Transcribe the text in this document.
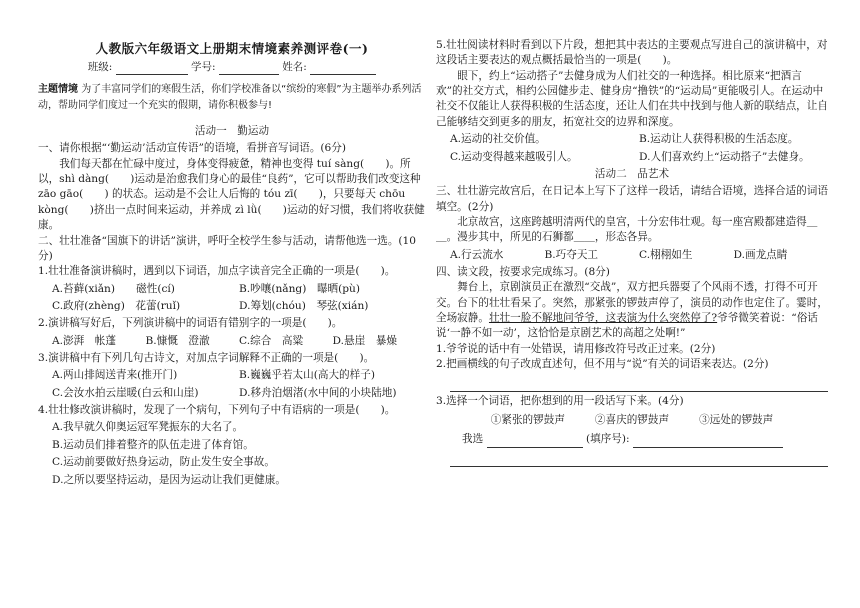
人教版六年级语文上册期末情境素养测评卷(一)
班级:	学号:	姓名:
主题情境 为了丰富同学们的寒假生活，你们学校准备以“缤纷的寒假”为主题举办系列活动，帮助同学们度过一个充实的假期，请你积极参与!
活动一　勤运动

一、请你根据“‘勤运动’活动宣传语”的语境，看拼音写词语。(6分)

我们每天都在忙碌中度过，身体变得疲惫，精神也变得 tuí sàng(　　)。所以，shì dàng(　　)运动是治愈我们身心的最佳“良药”，它可以帮助我们改变这种 zāo gāo(　　) 的状态。运动是不会让人后悔的 tóu zī(　　)，只要每天 chōu kòng(　　)挤出一点时间来运动，并养成 zì lǜ(　　)运动的好习惯，我们将收获健康。

二、壮壮准备“国旗下的讲话”演讲，呼吁全校学生参与活动，请帮他选一选。(10分)

1.壮壮准备演讲稿时，遇到以下词语，加点字读音完全正确的一项是(　　)。

A.苔藓(xiǎn)　　磁性(cí)	B.吵嚷(nǎng)　曝晒(pù)
C.政府(zhèng)　花蕾(ruǐ)	D.筹划(chóu)　琴弦(xián)

2.演讲稿写好后，下列演讲稿中的词语有错别字的一项是(　　)。

A.澎湃　帐蓬	B.慷慨　澄澈	C.综合　高粱	D.悬崖　暴燥

3.演讲稿中有下列几句古诗文，对加点字词解释不正确的一项是(　　)。

A.两山排闼送青来(推开门)	B.巍巍乎若太山(高大的样子)
C.会汝水拍云崖暖(白云和山崖)	D.移舟泊烟渚(水中间的小块陆地)

4.壮壮修改演讲稿时，发现了一个病句，下列句子中有语病的一项是(　　)。

A.我早就久仰奥运冠军凳振东的大名了。
B.运动员们排着整齐的队伍走进了体育馆。
C.运动前要做好热身运动，防止发生安全事故。
D.之所以要坚持运动，是因为运动让我们更健康。

5.壮壮阅读材料时看到以下片段，想把其中表达的主要观点写进自己的演讲稿中，对这段话主要表达的观点概括最恰当的一项是(　　)。

眼下，约上“运动搭子”去健身成为人们社交的一种选择。相比原来“把酒言欢”的社交方式，相约公园健步走、健身房“撸铁”的“运动局”更能吸引人。在运动中社交不仅能让人获得积极的生活态度，还让人们在共中找到与他人新的联结点，让自己能够结交到更多的朋友，拓宽社交的边界和深度。

A.运动的社交价值。	B.运动让人获得积极的生活态度。
C.运动变得越来越吸引人。	D.人们喜欢约上“运动搭子”去健身。
活动二　品艺术

三、壮壮游完故宫后，在日记本上写下了这样一段话，请结合语境，选择合适的词语填空。(2分)

北京故宫，这座跨越明清两代的皇宫，十分宏伟壮观。每一座宫殿都建造得＿＿。漫步其中，所见的石狮都＿＿，形态各异。

A.行云流水	B.巧夺天工	C.栩栩如生	D.画龙点睛

四、读文段，按要求完成练习。(8分)

舞台上，京剧演员正在激烈“交战”，双方把兵器耍了个风雨不透，打得不可开交。台下的壮壮看呆了。突然，那紧张的锣鼓声停了，演员的动作也定住了。霎时，全场寂静。壮壮一脸不解地问爷爷，这表演为什么突然停了?爷爷微笑着说：“俗话说‘一静不如一动’，这恰恰是京剧艺术的高超之处啊!”

1.爷爷说的话中有一处错误，请用修改符号改正过来。(2分)

2.把画横线的句子改成直述句，但不用与“说”有关的词语来表达。(2分)

3.选择一个词语，把你想到的用一段话写下来。(4分)

①紧张的锣鼓声	②喜庆的锣鼓声	③远处的锣鼓声
我选	(填序号):
